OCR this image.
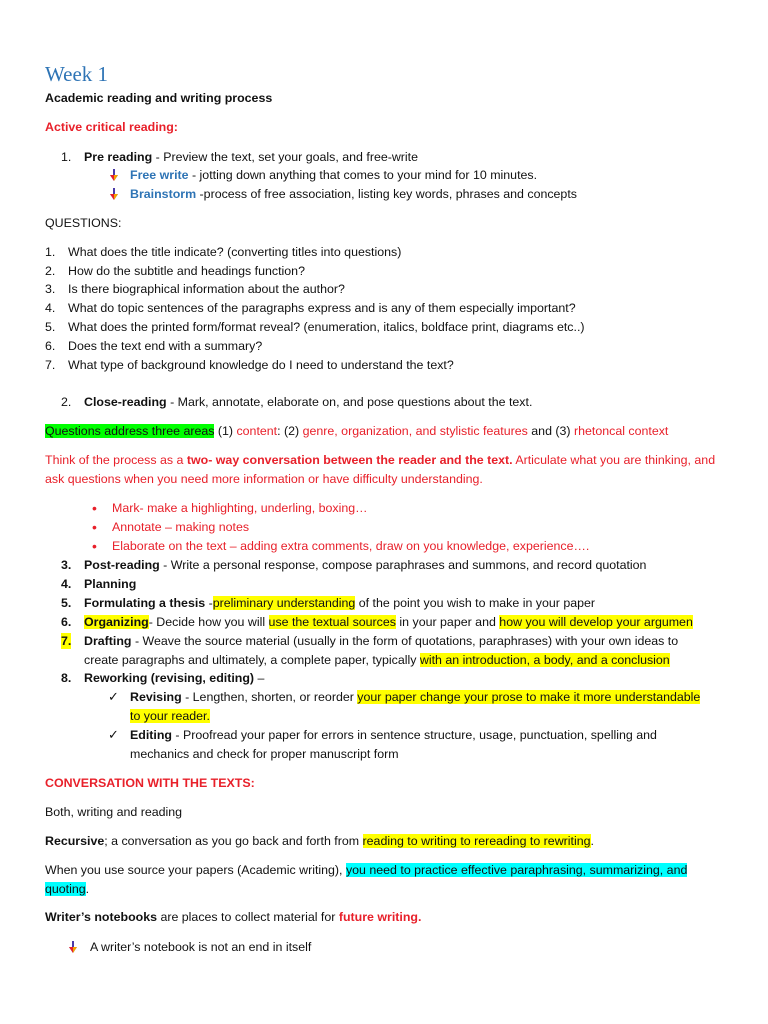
Week 1
Academic reading and writing process
Active critical reading:
1. Pre reading - Preview the text, set your goals, and free-write
Free write - jotting down anything that comes to your mind for 10 minutes.
Brainstorm -process of free association, listing key words, phrases and concepts
QUESTIONS:
1. What does the title indicate? (converting titles into questions)
2. How do the subtitle and headings function?
3. Is there biographical information about the author?
4. What do topic sentences of the paragraphs express and is any of them especially important?
5. What does the printed form/format reveal? (enumeration, italics, boldface print, diagrams etc..)
6. Does the text end with a summary?
7. What type of background knowledge do I need to understand the text?
2. Close-reading - Mark, annotate, elaborate on, and pose questions about the text.
Questions address three areas (1) content: (2) genre, organization, and stylistic features and (3) rhetoncal context
Think of the process as a two- way conversation between the reader and the text. Articulate what you are thinking, and
ask questions when you need more information or have difficulty understanding.
• Mark- make a highlighting, underling, boxing…
• Annotate – making notes
• Elaborate on the text – adding extra comments, draw on you knowledge, experience….
3. Post-reading - Write a personal response, compose paraphrases and summons, and record quotation
4. Planning
5. Formulating a thesis -preliminary understanding of the point you wish to make in your paper
6. Organizing- Decide how you will use the textual sources in your paper and how you will develop your argumen
7. Drafting - Weave the source material (usually in the form of quotations, paraphrases) with your own ideas to
create paragraphs and ultimately, a complete paper, typically with an introduction, a body, and a conclusion
8. Reworking (revising, editing) –
✓ Revising - Lengthen, shorten, or reorder your paper change your prose to make it more understandable
to your reader.
✓ Editing - Proofread your paper for errors in sentence structure, usage, punctuation, spelling and
mechanics and check for proper manuscript form
CONVERSATION WITH THE TEXTS:
Both, writing and reading
Recursive; a conversation as you go back and forth from reading to writing to rereading to rewriting.
When you use source your papers (Academic writing), you need to practice effective paraphrasing, summarizing, and
quoting.
Writer’s notebooks are places to collect material for future writing.
A writer’s notebook is not an end in itself
